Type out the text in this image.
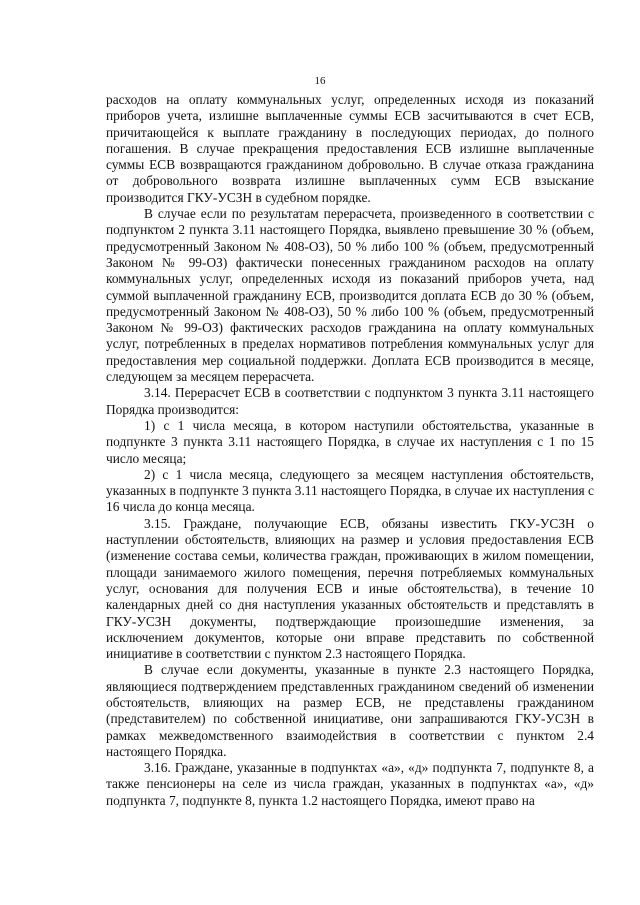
16

расходов на оплату коммунальных услуг, определенных исходя из показаний приборов учета, излишне выплаченные суммы ЕСВ засчитываются в счет ЕСВ, причитающейся к выплате гражданину в последующих периодах, до полного погашения. В случае прекращения предоставления ЕСВ излишне выплаченные суммы ЕСВ возвращаются гражданином добровольно. В случае отказа гражданина от добровольного возврата излишне выплаченных сумм ЕСВ взыскание производится ГКУ-УСЗН в судебном порядке.

В случае если по результатам перерасчета, произведенного в соответствии с подпунктом 2 пункта 3.11 настоящего Порядка, выявлено превышение 30 % (объем, предусмотренный Законом № 408-ОЗ), 50 % либо 100 % (объем, предусмотренный Законом № 99-ОЗ) фактически понесенных гражданином расходов на оплату коммунальных услуг, определенных исходя из показаний приборов учета, над суммой выплаченной гражданину ЕСВ, производится доплата ЕСВ до 30 % (объем, предусмотренный Законом № 408-ОЗ), 50 % либо 100 % (объем, предусмотренный Законом № 99-ОЗ) фактических расходов гражданина на оплату коммунальных услуг, потребленных в пределах нормативов потребления коммунальных услуг для предоставления мер социальной поддержки. Доплата ЕСВ производится в месяце, следующем за месяцем перерасчета.

3.14. Перерасчет ЕСВ в соответствии с подпунктом 3 пункта 3.11 настоящего Порядка производится:

1) с 1 числа месяца, в котором наступили обстоятельства, указанные в подпункте 3 пункта 3.11 настоящего Порядка, в случае их наступления с 1 по 15 число месяца;

2) с 1 числа месяца, следующего за месяцем наступления обстоятельств, указанных в подпункте 3 пункта 3.11 настоящего Порядка, в случае их наступления с 16 числа до конца месяца.

3.15. Граждане, получающие ЕСВ, обязаны известить ГКУ-УСЗН о наступлении обстоятельств, влияющих на размер и условия предоставления ЕСВ (изменение состава семьи, количества граждан, проживающих в жилом помещении, площади занимаемого жилого помещения, перечня потребляемых коммунальных услуг, основания для получения ЕСВ и иные обстоятельства), в течение 10 календарных дней со дня наступления указанных обстоятельств и представлять в ГКУ-УСЗН документы, подтверждающие произошедшие изменения, за исключением документов, которые они вправе представить по собственной инициативе в соответствии с пунктом 2.3 настоящего Порядка.

В случае если документы, указанные в пункте 2.3 настоящего Порядка, являющиеся подтверждением представленных гражданином сведений об изменении обстоятельств, влияющих на размер ЕСВ, не представлены гражданином (представителем) по собственной инициативе, они запрашиваются ГКУ-УСЗН в рамках межведомственного взаимодействия в соответствии с пунктом 2.4 настоящего Порядка.

3.16. Граждане, указанные в подпунктах «а», «д» подпункта 7, подпункте 8, а также пенсионеры на селе из числа граждан, указанных в подпунктах «а», «д» подпункта 7, подпункте 8, пункта 1.2 настоящего Порядка, имеют право на
